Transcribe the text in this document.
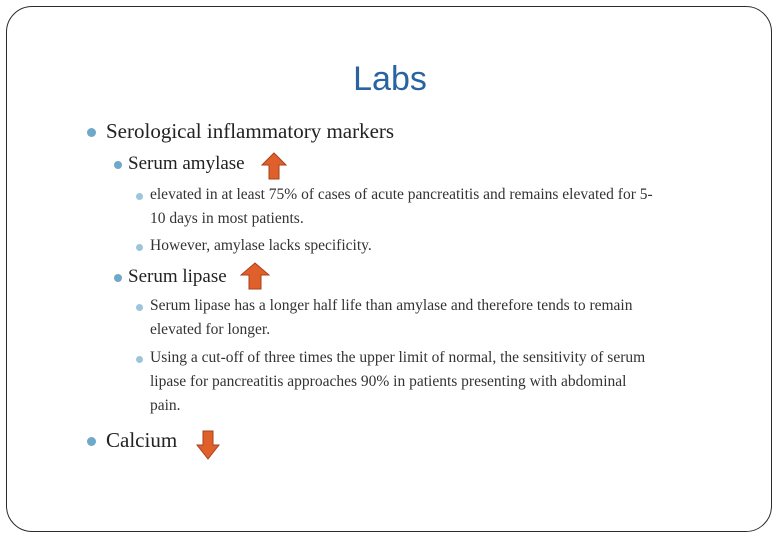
Labs
Serological inflammatory markers
Serum amylase
elevated in at least 75% of cases of acute pancreatitis and remains elevated for 5-
10 days in most patients.
However, amylase lacks specificity.
Serum lipase
Serum lipase has a longer half life than amylase and therefore tends to remain
elevated for longer.
Using a cut-off of three times the upper limit of normal, the sensitivity of serum
lipase for pancreatitis approaches 90% in patients presenting with abdominal
pain.
Calcium
